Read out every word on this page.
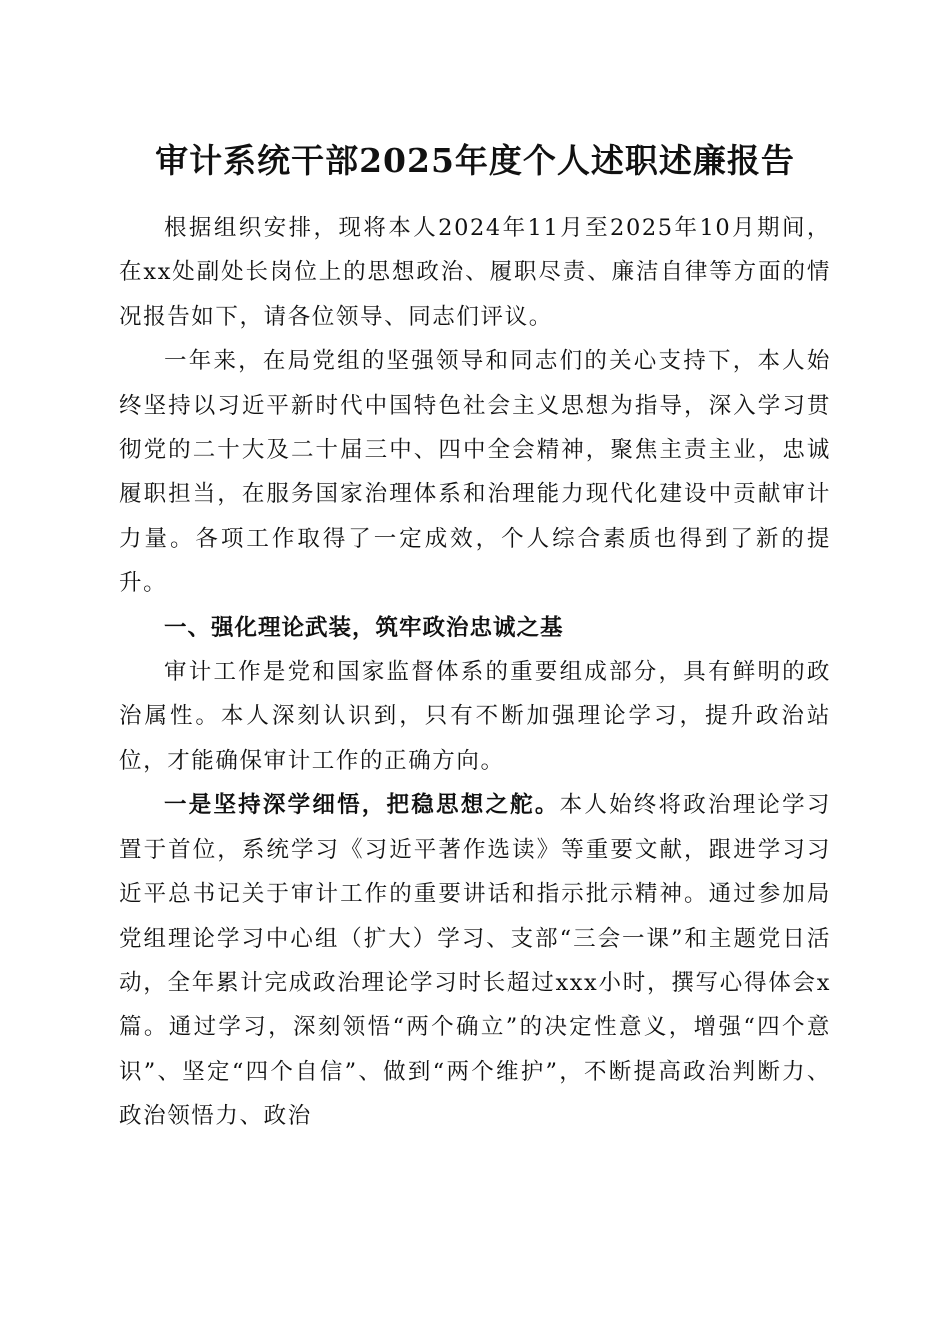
审计系统干部2025年度个人述职述廉报告

根据组织安排，现将本人2024年11月至2025年10月期间，在xx处副处长岗位上的思想政治、履职尽责、廉洁自律等方面的情况报告如下，请各位领导、同志们评议。

一年来，在局党组的坚强领导和同志们的关心支持下，本人始终坚持以习近平新时代中国特色社会主义思想为指导，深入学习贯彻党的二十大及二十届三中、四中全会精神，聚焦主责主业，忠诚履职担当，在服务国家治理体系和治理能力现代化建设中贡献审计力量。各项工作取得了一定成效，个人综合素质也得到了新的提升。

一、强化理论武装，筑牢政治忠诚之基

审计工作是党和国家监督体系的重要组成部分，具有鲜明的政治属性。本人深刻认识到，只有不断加强理论学习，提升政治站位，才能确保审计工作的正确方向。

一是坚持深学细悟，把稳思想之舵。本人始终将政治理论学习置于首位，系统学习《习近平著作选读》等重要文献，跟进学习习近平总书记关于审计工作的重要讲话和指示批示精神。通过参加局党组理论学习中心组（扩大）学习、支部“三会一课”和主题党日活动，全年累计完成政治理论学习时长超过xxx小时，撰写心得体会x篇。通过学习，深刻领悟“两个确立”的决定性意义，增强“四个意识”、坚定“四个自信”、做到“两个维护”，不断提高政治判断力、政治领悟力、政治
